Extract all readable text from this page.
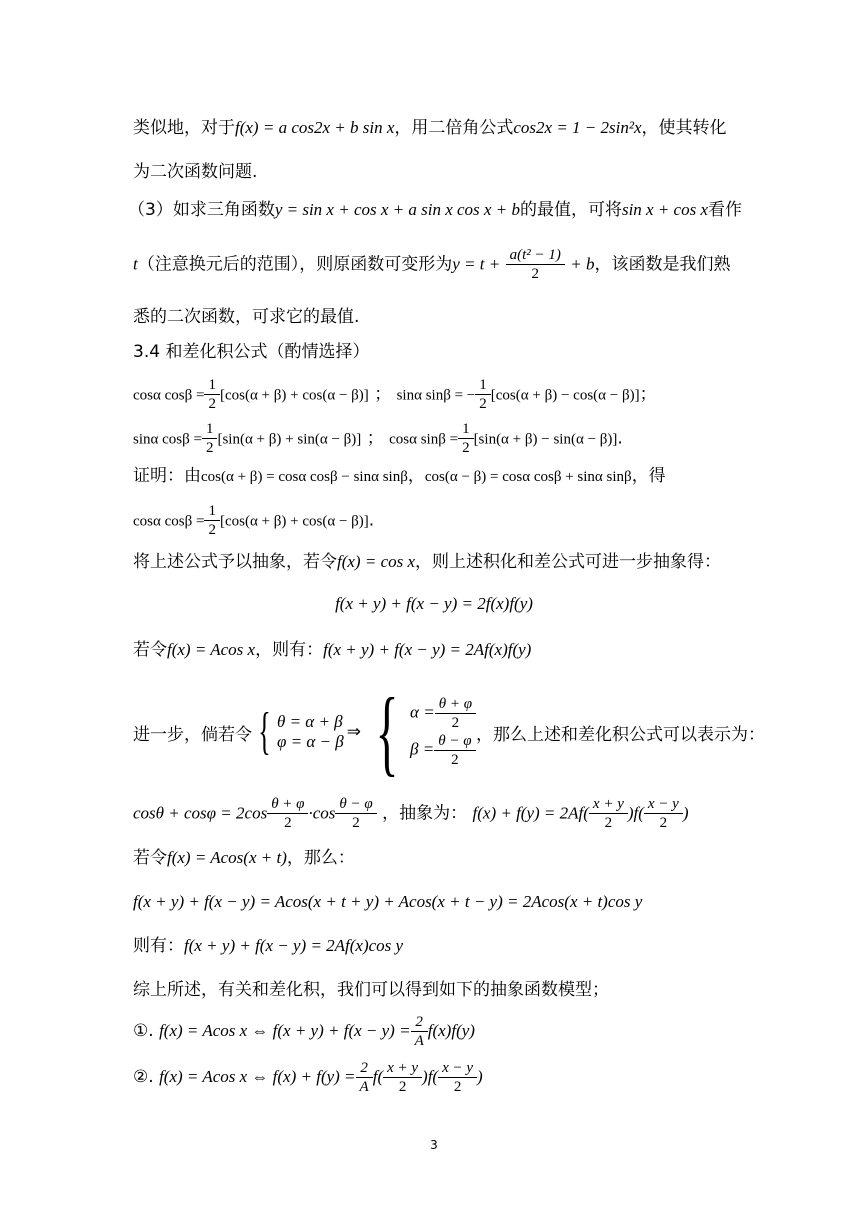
类似地，对于f(x) = a cos2x + b sin x，用二倍角公式cos2x = 1 − 2sin²x，使其转化
为二次函数问题.
（3）如求三角函数y = sin x + cos x + a sin x cos x + b的最值，可将sin x + cos x看作
t（注意换元后的范围），则原函数可变形为$y = t + \frac{\text{a(t² − 1)}}{2} + b$，该函数是我们熟
悉的二次函数，可求它的最值.
3.4 和差化积公式（酌情选择）
cosα $\cos\beta = \frac{1}{2} [\cos(\alpha + \beta) + \cos(\alpha - \beta)]$ ； sinα sinβ = − $\frac{1}{2} [\cos(\alpha + \beta) - \cos(\alpha - \beta)]$；
sinα $\cos\beta = \frac{1}{2} [\sin(\alpha + \beta) + \sin(\alpha - \beta)]$ ； cosα $\sin\beta = \frac{1}{2} [\sin(\alpha + \beta) - \sin(\alpha - \beta)]$.
证明：由cos(α + β) = cosα cosβ − sinα sinβ，cos(α − β) = cosα cosβ + sinα sinβ，得
cosα $\cos\beta = \frac{1}{2} [\cos(\alpha + \beta) + \cos(\alpha - \beta)]$.
将上述公式予以抽象，若令f(x) = cos x，则上述积化和差公式可进一步抽象得：
f(x + y) + f(x − y) = 2f(x)f(y)
若令f(x) = Acos x，则有：f(x + y) + f(x − y) = 2Af(x)f(y)
进一步，倘若令 { θ = α + β
φ = α − β
⇒ { $\alpha = \frac{\theta + \varphi}{2}$
$\beta = \frac{\theta - \varphi}{2}$ ，那么上述和差化积公式可以表示为：
$\cos\theta + \cos\varphi = 2\cos \frac{\theta + \varphi}{2} \cdot\cos \frac{\theta - \varphi}{2}$ ，抽象为： $f(x) + f(y) = 2Af( \frac{x + y}{2} )f( \frac{x - y}{2}$ )
若令f(x) = Acos(x + t)，那么：
f(x + y) + f(x − y) = Acos(x + t + y) + Acos(x + t − y) = 2Acos(x + t)cos y
则有：f(x + y) + f(x − y) = 2Af(x)cos y
综上所述，有关和差化积，我们可以得到如下的抽象函数模型；
①.
f(x) = Acos x ⇔ $f(x + y) + f(x - y) = \frac{2}{A} f(x)f(y)$
②.
f(x) = Acos x ⇔ $f(x) + f(y) = \frac{2}{A} f( \frac{x + y}{2} )f( \frac{x - y}{2}$ )
3
